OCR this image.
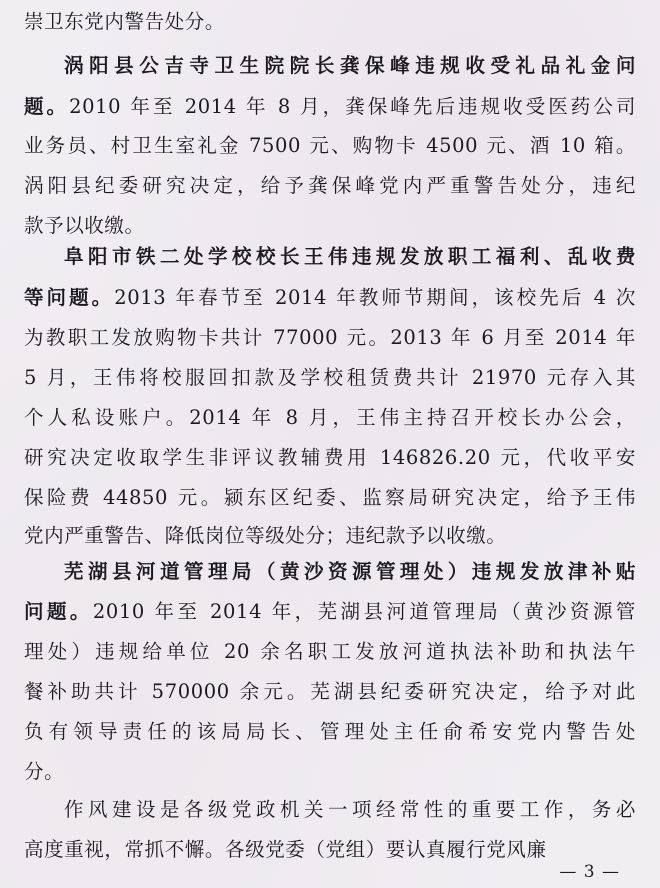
崇卫东党内警告处分。
涡阳县公吉寺卫生院院长龚保峰违规收受礼品礼金问
题。2010 年至 2014 年 8 月，龚保峰先后违规收受医药公司
业务员、村卫生室礼金 7500 元、购物卡 4500 元、酒 10 箱。
涡阳县纪委研究决定，给予龚保峰党内严重警告处分，违纪
款予以收缴。
阜阳市铁二处学校校长王伟违规发放职工福利、乱收费
等问题。2013 年春节至 2014 年教师节期间，该校先后 4 次
为教职工发放购物卡共计 77000 元。2013 年 6 月至 2014 年
5 月，王伟将校服回扣款及学校租赁费共计 21970 元存入其
个人私设账户。2014 年 8 月，王伟主持召开校长办公会，
研究决定收取学生非评议教辅费用 146826.20 元，代收平安
保险费 44850 元。颍东区纪委、监察局研究决定，给予王伟
党内严重警告、降低岗位等级处分；违纪款予以收缴。
芜湖县河道管理局（黄沙资源管理处）违规发放津补贴
问题。2010 年至 2014 年，芜湖县河道管理局（黄沙资源管
理处）违规给单位 20 余名职工发放河道执法补助和执法午
餐补助共计 570000 余元。芜湖县纪委研究决定，给予对此
负有领导责任的该局局长、管理处主任俞希安党内警告处
分。
作风建设是各级党政机关一项经常性的重要工作，务必
高度重视，常抓不懈。各级党委（党组）要认真履行党风廉
— 3 —
